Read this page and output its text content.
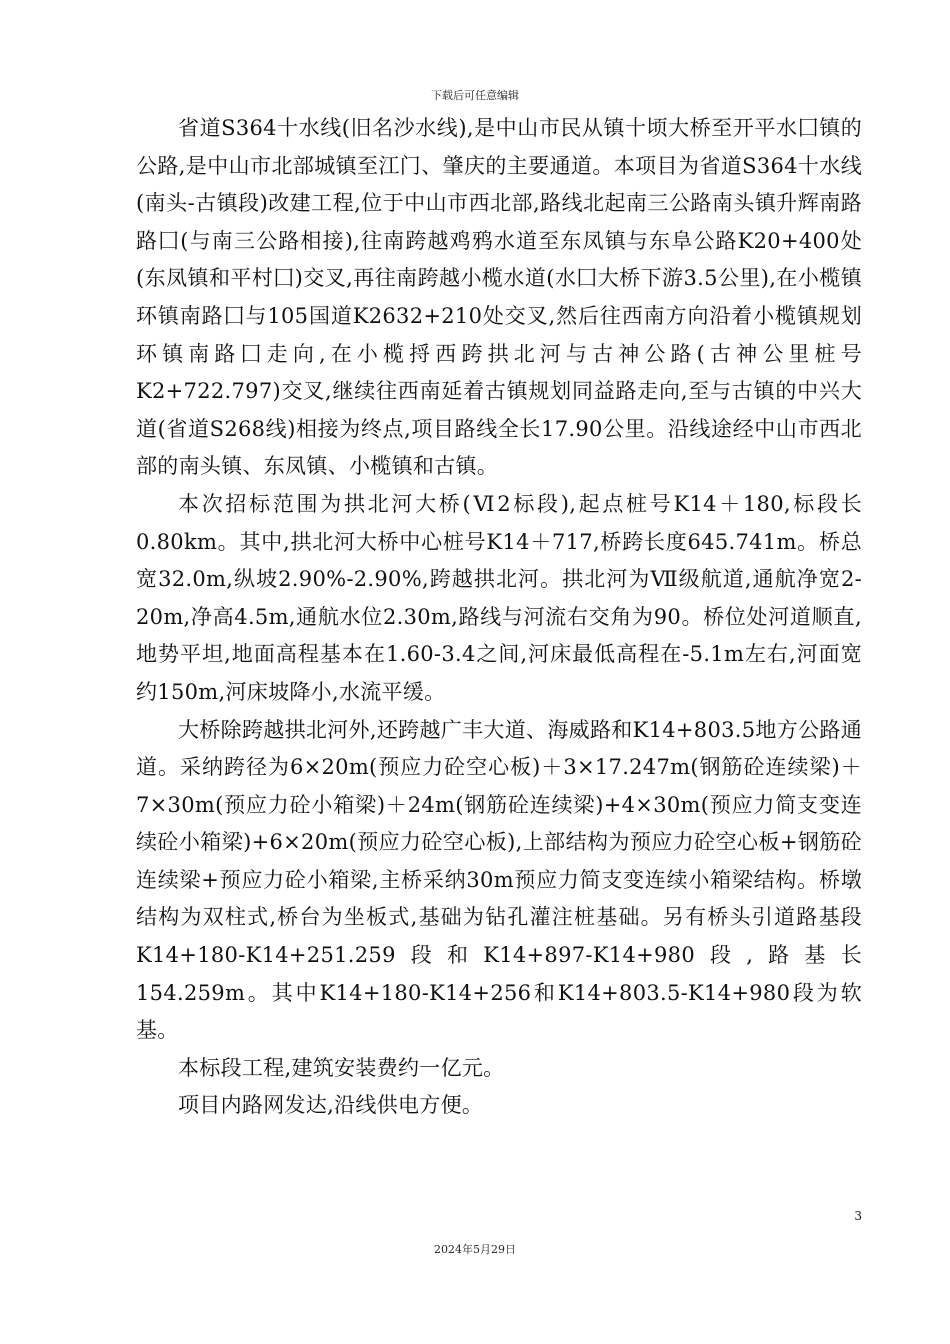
下载后可任意编辑

省道S364十水线(旧名沙水线),是中山市民从镇十顷大桥至开平水囗镇的公路,是中山市北部城镇至江门、肇庆的主要通道。本项目为省道S364十水线(南头-古镇段)改建工程,位于中山市西北部,路线北起南三公路南头镇升辉南路路囗(与南三公路相接),往南跨越鸡鸦水道至东凤镇与东阜公路K20+400处(东凤镇和平村囗)交叉,再往南跨越小榄水道(水囗大桥下游3.5公里),在小榄镇环镇南路囗与105国道K2632+210处交叉,然后往西南方向沿着小榄镇规划环镇南路囗走向,在小榄捋西跨拱北河与古神公路(古神公里桩号K2+722.797)交叉,继续往西南延着古镇规划同益路走向,至与古镇的中兴大道(省道S268线)相接为终点,项目路线全长17.90公里。沿线途经中山市西北部的南头镇、东凤镇、小榄镇和古镇。

本次招标范围为拱北河大桥(Ⅵ2标段),起点桩号K14＋180,标段长0.80km。其中,拱北河大桥中心桩号K14＋717,桥跨长度645.741m。桥总宽32.0m,纵坡2.90%-2.90%,跨越拱北河。拱北河为Ⅶ级航道,通航净宽2-20m,净高4.5m,通航水位2.30m,路线与河流右交角为90。桥位处河道顺直,地势平坦,地面高程基本在1.60-3.4之间,河床最低高程在-5.1m左右,河面宽约150m,河床坡降小,水流平缓。

大桥除跨越拱北河外,还跨越广丰大道、海威路和K14+803.5地方公路通道。采纳跨径为6×20m(预应力砼空心板)＋3×17.247m(钢筋砼连续梁)＋7×30m(预应力砼小箱梁)＋24m(钢筋砼连续梁)+4×30m(预应力简支变连续砼小箱梁)+6×20m(预应力砼空心板),上部结构为预应力砼空心板+钢筋砼连续梁+预应力砼小箱梁,主桥采纳30m预应力简支变连续小箱梁结构。桥墩结构为双柱式,桥台为坐板式,基础为钻孔灌注桩基础。另有桥头引道路基段K14+180-K14+251.259段和K14+897-K14+980段,路基长154.259m。其中K14+180-K14+256和K14+803.5-K14+980段为软基。

本标段工程,建筑安装费约一亿元。

项目内路网发达,沿线供电方便。

3
2024年5月29日
